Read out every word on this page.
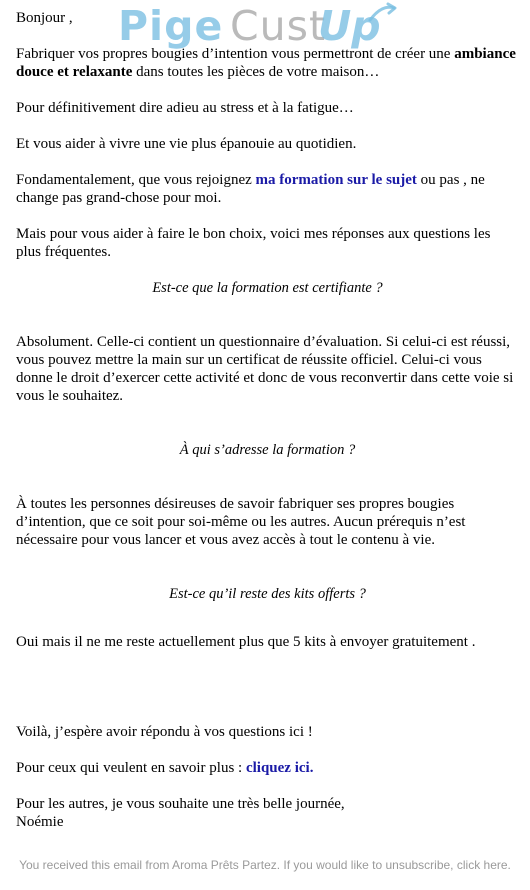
Pige Cust
Up

Bonjour ,

Fabriquer vos propres bougies d’intention vous permettront de créer une ambiance douce et relaxante dans toutes les pièces de votre maison…

Pour définitivement dire adieu au stress et à la fatigue…

Et vous aider à vivre une vie plus épanouie au quotidien.

Fondamentalement, que vous rejoignez ma formation sur le sujet ou pas , ne change pas grand-chose pour moi.

Mais pour vous aider à faire le bon choix, voici mes réponses aux questions les plus fréquentes.

Est-ce que la formation est certifiante ?

Absolument. Celle-ci contient un questionnaire d’évaluation. Si celui-ci est réussi, vous pouvez mettre la main sur un certificat de réussite officiel. Celui-ci vous donne le droit d’exercer cette activité et donc de vous reconvertir dans cette voie si vous le souhaitez.

À qui s’adresse la formation ?

À toutes les personnes désireuses de savoir fabriquer ses propres bougies d’intention, que ce soit pour soi-même ou les autres. Aucun prérequis n’est nécessaire pour vous lancer et vous avez accès à tout le contenu à vie.

Est-ce qu’il reste des kits offerts ?

Oui mais il ne me reste actuellement plus que 5 kits à envoyer gratuitement .

Voilà, j’espère avoir répondu à vos questions ici !

Pour ceux qui veulent en savoir plus : cliquez ici.

Pour les autres, je vous souhaite une très belle journée,

Noémie

You received this email from Aroma Prêts Partez. If you would like to unsubscribe, click here.
